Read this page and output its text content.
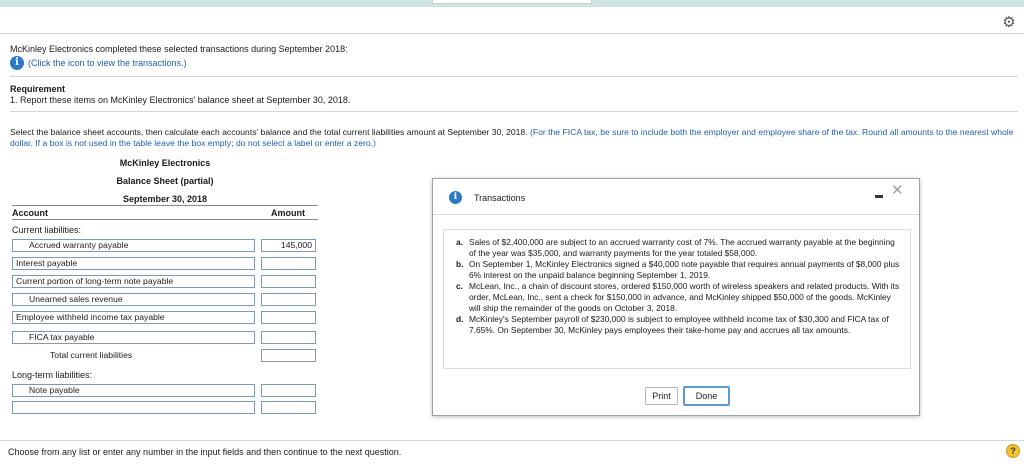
⚙
McKinley Electronics completed these selected transactions during September 2018:
i	(Click the icon to view the transactions.)
Requirement
1. Report these items on McKinley Electronics' balance sheet at September 30, 2018.
Select the balance sheet accounts, then calculate each accounts' balance and the total current liabilities amount at September 30, 2018. (For the FICA tax, be sure to include both the employer and employee share of the tax. Round all amounts to the nearest whole dollar. If a box is not used in the table leave the box empty; do not select a label or enter a zero.)
McKinley Electronics
Balance Sheet (partial)
September 30, 2018
Account	Amount
Current liabilities:
Accrued warranty payable	145,000
Interest payable
Current portion of long-term note payable
Unearned sales revenue
Employee withheld income tax payable
FICA tax payable
Total current liabilities
Long-term liabilities:
Note payable
i	Transactions	✕
a. Sales of $2,400,000 are subject to an accrued warranty cost of 7%. The accrued warranty payable at the beginning of the year was $35,000, and warranty payments for the year totaled $58,000.
b. On September 1, McKinley Electronics signed a $40,000 note payable that requires annual payments of $8,000 plus 6% interest on the unpaid balance beginning September 1, 2019.
c. McLean, Inc., a chain of discount stores, ordered $150,000 worth of wireless speakers and related products. With its order, McLean, Inc., sent a check for $150,000 in advance, and McKinley shipped $50,000 of the goods. McKinley will ship the remainder of the goods on October 3, 2018.
d. McKinley's September payroll of $230,000 is subject to employee withheld income tax of $30,300 and FICA tax of 7.65%. On September 30, McKinley pays employees their take-home pay and accrues all tax amounts.
Print	Done
Choose from any list or enter any number in the input fields and then continue to the next question.	?
